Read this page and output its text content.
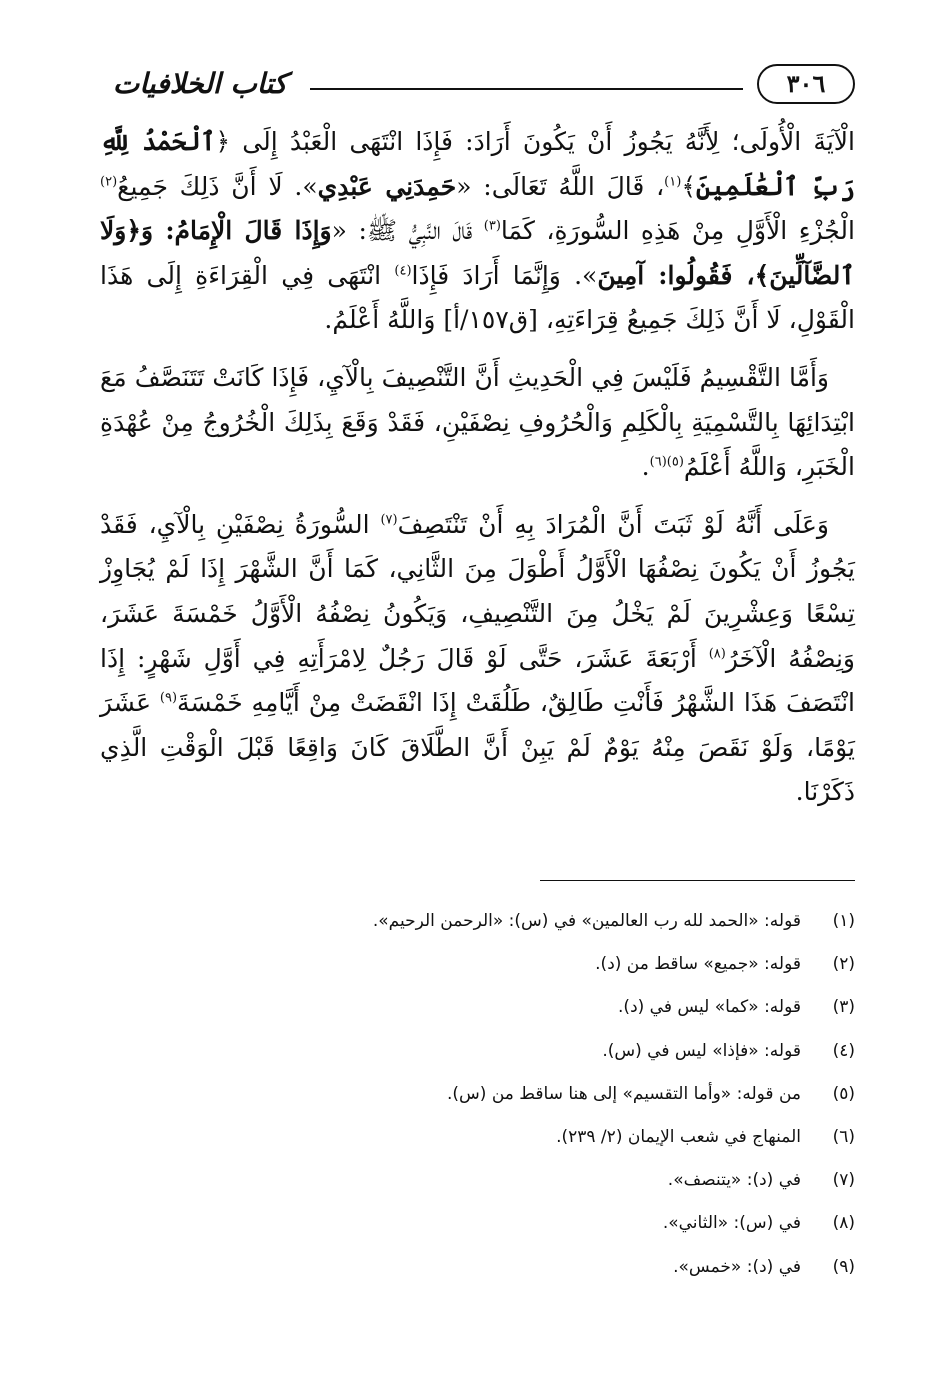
٣٠٦
كتاب الخلافيات

الْآيَةَ الْأُولَى؛ لِأَنَّهُ يَجُوزُ أَنْ يَكُونَ أَرَادَ: فَإِذَا انْتَهَى الْعَبْدُ إِلَى ﴿ٱلْحَمْدُ لِلَّهِ رَبِّ ٱلْعَٰلَمِينَ﴾$^{(١)}$، قَالَ اللَّهُ تَعَالَى: «حَمِدَنِي عَبْدِي». لَا أَنَّ ذَلِكَ جَمِيعُ$^{(٢)}$ الْجُزْءِ الْأَوَّلِ مِنْ هَذِهِ السُّورَةِ، كَمَا$^{(٣)}$ قَالَ النَّبِيُّ ﷺ: «وَإِذَا قَالَ الْإِمَامُ: وَ﴿وَلَا ٱلضَّآلِّينَ﴾، فَقُولُوا: آمِينَ». وَإِنَّمَا أَرَادَ فَإِذَا$^{(٤)}$ انْتَهَى فِي الْقِرَاءَةِ إِلَى هَذَا الْقَوْلِ، لَا أَنَّ ذَلِكَ جَمِيعُ قِرَاءَتِهِ، [ق١٥٧/أ] وَاللَّهُ أَعْلَمُ.

وَأَمَّا التَّقْسِيمُ فَلَيْسَ فِي الْحَدِيثِ أَنَّ التَّنْصِيفَ بِالْآيِ، فَإِذَا كَانَتْ تَتَنَصَّفُ مَعَ ابْتِدَائِهَا بِالتَّسْمِيَةِ بِالْكَلِمِ وَالْحُرُوفِ نِصْفَيْنِ، فَقَدْ وَقَعَ بِذَلِكَ الْخُرُوجُ مِنْ عُهْدَةِ الْخَبَرِ، وَاللَّهُ أَعْلَمُ$^{(٥)(٦)}$.

وَعَلَى أَنَّهُ لَوْ ثَبَتَ أَنَّ الْمُرَادَ بِهِ أَنْ تَنْتَصِفَ$^{(٧)}$ السُّورَةُ نِصْفَيْنِ بِالْآيِ، فَقَدْ يَجُوزُ أَنْ يَكُونَ نِصْفُهَا الْأَوَّلُ أَطْوَلَ مِنَ الثَّانِي، كَمَا أَنَّ الشَّهْرَ إِذَا لَمْ يُجَاوِزْ تِسْعًا وَعِشْرِينَ لَمْ يَخْلُ مِنَ التَّنْصِيفِ، وَيَكُونُ نِصْفُهُ الْأَوَّلُ خَمْسَةَ عَشَرَ، وَنِصْفُهُ الْآخَرُ$^{(٨)}$ أَرْبَعَةَ عَشَرَ، حَتَّى لَوْ قَالَ رَجُلٌ لِامْرَأَتِهِ فِي أَوَّلِ شَهْرٍ: إِذَا انْتَصَفَ هَذَا الشَّهْرُ فَأَنْتِ طَالِقٌ، طَلُقَتْ إِذَا انْقَضَتْ مِنْ أَيَّامِهِ خَمْسَةَ$^{(٩)}$ عَشَرَ يَوْمًا، وَلَوْ نَقَصَ مِنْهُ يَوْمٌ لَمْ يَبِنْ أَنَّ الطَّلَاقَ كَانَ وَاقِعًا قَبْلَ الْوَقْتِ الَّذِي ذَكَرْنَا.

(١)قوله: «الحمد لله رب العالمين» في (س): «الرحمن الرحيم».
(٢)قوله: «جميع» ساقط من (د).
(٣)قوله: «كما» ليس في (د).
(٤)قوله: «فإذا» ليس في (س).
(٥)من قوله: «وأما التقسيم» إلى هنا ساقط من (س).
(٦)المنهاج في شعب الإيمان (٢/ ٢٣٩).
(٧)في (د): «يتنصف».
(٨)في (س): «الثاني».
(٩)في (د): «خمس».
